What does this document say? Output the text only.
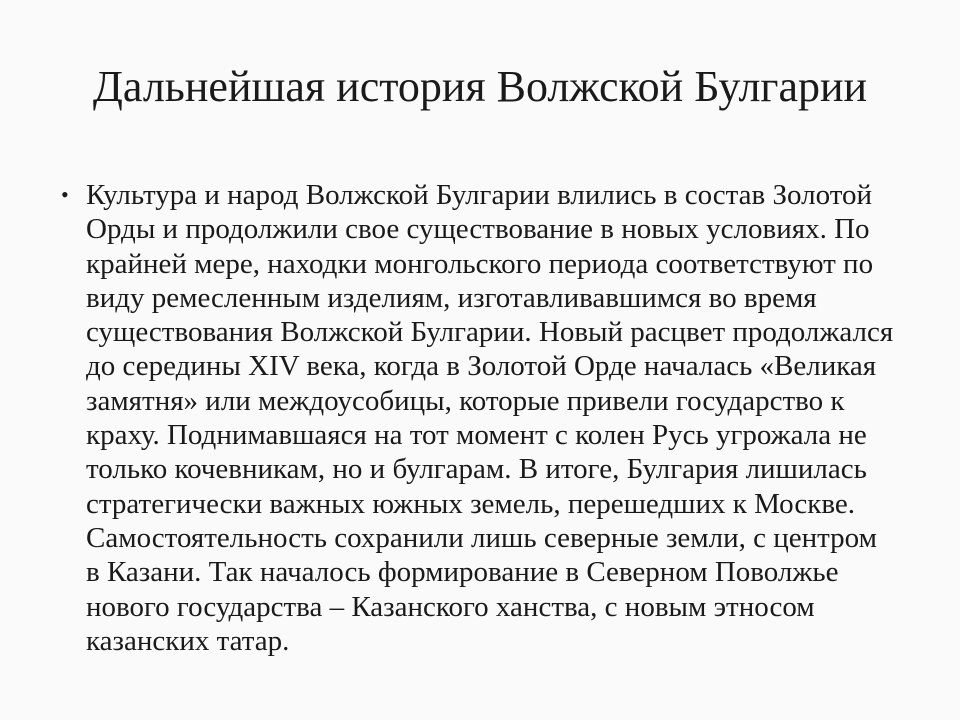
Дальнейшая история Волжской Булгарии
• Культура и народ Волжской Булгарии влились в состав Золотой Орды и продолжили свое существование в новых условиях. По крайней мере, находки монгольского периода соответствуют по виду ремесленным изделиям, изготавливавшимся во время существования Волжской Булгарии. Новый расцвет продолжался до середины XIV века, когда в Золотой Орде началась «Великая замятня» или междоусобицы, которые привели государство к краху. Поднимавшаяся на тот момент с колен Русь угрожала не только кочевникам, но и булгарам. В итоге, Булгария лишилась стратегически важных южных земель, перешедших к Москве. Самостоятельность сохранили лишь северные земли, с центром в Казани. Так началось формирование в Северном Поволжье нового государства – Казанского ханства, с новым этносом казанских татар.
